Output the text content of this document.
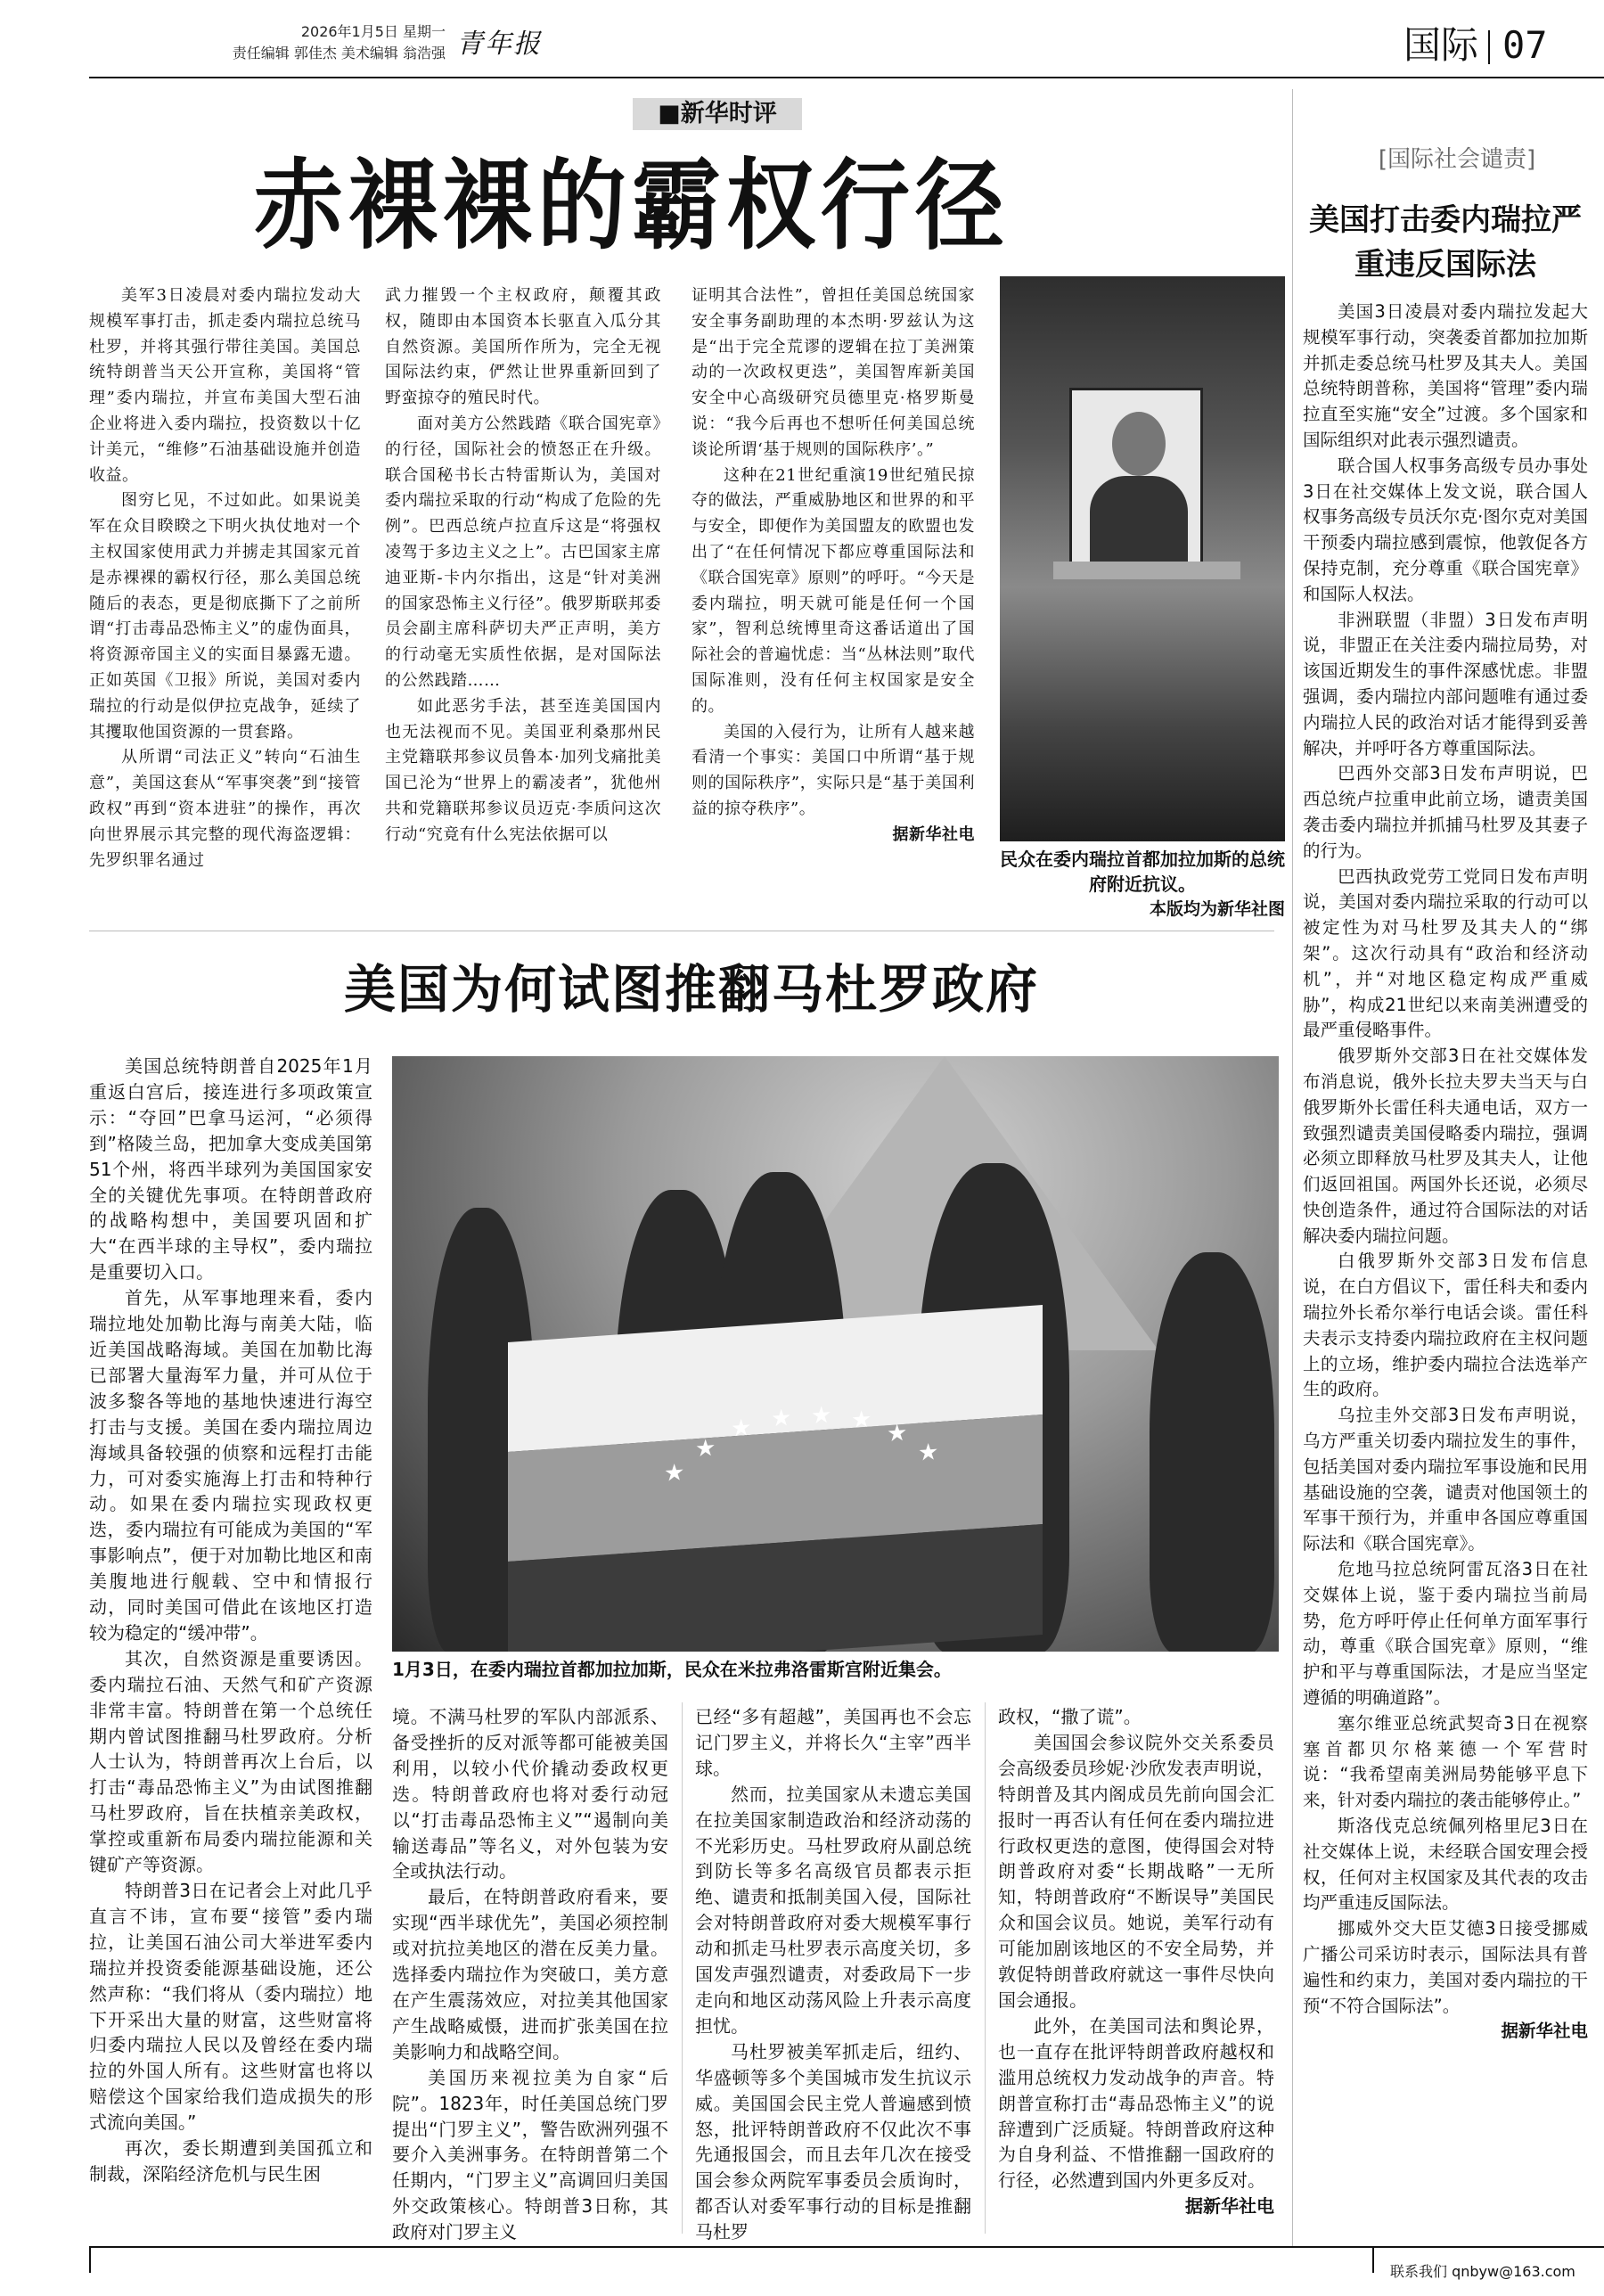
2026年1月5日 星期一
责任编辑 郭佳杰 美术编辑 翁浩强 青年报	国际 07
■新华时评
赤裸裸的霸权行径

美军3日凌晨对委内瑞拉发动大规模军事打击，抓走委内瑞拉总统马杜罗，并将其强行带往美国。美国总统特朗普当天公开宣称，美国将“管理”委内瑞拉，并宣布美国大型石油企业将进入委内瑞拉，投资数以十亿计美元，“维修”石油基础设施并创造收益。

图穷匕见，不过如此。如果说美军在众目睽睽之下明火执仗地对一个主权国家使用武力并掳走其国家元首是赤裸裸的霸权行径，那么美国总统随后的表态，更是彻底撕下了之前所谓“打击毒品恐怖主义”的虚伪面具，将资源帝国主义的实面目暴露无遗。正如英国《卫报》所说，美国对委内瑞拉的行动是似伊拉克战争，延续了其攫取他国资源的一贯套路。

从所谓“司法正义”转向“石油生意”，美国这套从“军事突袭”到“接管政权”再到“资本进驻”的操作，再次向世界展示其完整的现代海盗逻辑：先罗织罪名通过

武力摧毁一个主权政府，颠覆其政权，随即由本国资本长驱直入瓜分其自然资源。美国所作所为，完全无视国际法约束，俨然让世界重新回到了野蛮掠夺的殖民时代。

面对美方公然践踏《联合国宪章》的行径，国际社会的愤怒正在升级。联合国秘书长古特雷斯认为，美国对委内瑞拉采取的行动“构成了危险的先例”。巴西总统卢拉直斥这是“将强权凌驾于多边主义之上”。古巴国家主席迪亚斯-卡内尔指出，这是“针对美洲的国家恐怖主义行径”。俄罗斯联邦委员会副主席科萨切夫严正声明，美方的行动毫无实质性依据，是对国际法的公然践踏……

如此恶劣手法，甚至连美国国内也无法视而不见。美国亚利桑那州民主党籍联邦参议员鲁本·加列戈痛批美国已沦为“世界上的霸凌者”，犹他州共和党籍联邦参议员迈克·李质问这次行动“究竟有什么宪法依据可以

证明其合法性”，曾担任美国总统国家安全事务副助理的本杰明·罗兹认为这是“出于完全荒谬的逻辑在拉丁美洲策动的一次政权更迭”，美国智库新美国安全中心高级研究员德里克·格罗斯曼说：“我今后再也不想听任何美国总统谈论所谓‘基于规则的国际秩序’。”

这种在21世纪重演19世纪殖民掠夺的做法，严重威胁地区和世界的和平与安全，即便作为美国盟友的欧盟也发出了“在任何情况下都应尊重国际法和《联合国宪章》原则”的呼吁。“今天是委内瑞拉，明天就可能是任何一个国家”，智利总统博里奇这番话道出了国际社会的普遍忧虑：当“丛林法则”取代国际准则，没有任何主权国家是安全的。

美国的入侵行为，让所有人越来越看清一个事实：美国口中所谓“基于规则的国际秩序”，实际只是“基于美国利益的掠夺秩序”。

据新华社电

民众在委内瑞拉首都加拉加斯的总统府附近抗议。
本版均为新华社图
[国际社会谴责]
美国打击委内瑞拉严重违反国际法

美国3日凌晨对委内瑞拉发起大规模军事行动，突袭委首都加拉加斯并抓走委总统马杜罗及其夫人。美国总统特朗普称，美国将“管理”委内瑞拉直至实施“安全”过渡。多个国家和国际组织对此表示强烈谴责。

联合国人权事务高级专员办事处3日在社交媒体上发文说，联合国人权事务高级专员沃尔克·图尔克对美国干预委内瑞拉感到震惊，他敦促各方保持克制，充分尊重《联合国宪章》和国际人权法。

非洲联盟（非盟）3日发布声明说，非盟正在关注委内瑞拉局势，对该国近期发生的事件深感忧虑。非盟强调，委内瑞拉内部问题唯有通过委内瑞拉人民的政治对话才能得到妥善解决，并呼吁各方尊重国际法。

巴西外交部3日发布声明说，巴西总统卢拉重申此前立场，谴责美国袭击委内瑞拉并抓捕马杜罗及其妻子的行为。

巴西执政党劳工党同日发布声明说，美国对委内瑞拉采取的行动可以被定性为对马杜罗及其夫人的“绑架”。这次行动具有“政治和经济动机”，并“对地区稳定构成严重威胁”，构成21世纪以来南美洲遭受的最严重侵略事件。

俄罗斯外交部3日在社交媒体发布消息说，俄外长拉夫罗夫当天与白俄罗斯外长雷任科夫通电话，双方一致强烈谴责美国侵略委内瑞拉，强调必须立即释放马杜罗及其夫人，让他们返回祖国。两国外长还说，必须尽快创造条件，通过符合国际法的对话解决委内瑞拉问题。

白俄罗斯外交部3日发布信息说，在白方倡议下，雷任科夫和委内瑞拉外长希尔举行电话会谈。雷任科夫表示支持委内瑞拉政府在主权问题上的立场，维护委内瑞拉合法选举产生的政府。

乌拉圭外交部3日发布声明说，乌方严重关切委内瑞拉发生的事件，包括美国对委内瑞拉军事设施和民用基础设施的空袭，谴责对他国领土的军事干预行为，并重申各国应尊重国际法和《联合国宪章》。

危地马拉总统阿雷瓦洛3日在社交媒体上说，鉴于委内瑞拉当前局势，危方呼吁停止任何单方面军事行动，尊重《联合国宪章》原则，“维护和平与尊重国际法，才是应当坚定遵循的明确道路”。

塞尔维亚总统武契奇3日在视察塞首都贝尔格莱德一个军营时说：“我希望南美洲局势能够平息下来，针对委内瑞拉的袭击能够停止。”

斯洛伐克总统佩列格里尼3日在社交媒体上说，未经联合国安理会授权，任何对主权国家及其代表的攻击均严重违反国际法。

挪威外交大臣艾德3日接受挪威广播公司采访时表示，国际法具有普遍性和约束力，美国对委内瑞拉的干预“不符合国际法”。

据新华社电

美国为何试图推翻马杜罗政府

美国总统特朗普自2025年1月重返白宫后，接连进行多项政策宣示：“夺回”巴拿马运河，“必须得到”格陵兰岛，把加拿大变成美国第51个州，将西半球列为美国国家安全的关键优先事项。在特朗普政府的战略构想中，美国要巩固和扩大“在西半球的主导权”，委内瑞拉是重要切入口。

首先，从军事地理来看，委内瑞拉地处加勒比海与南美大陆，临近美国战略海域。美国在加勒比海已部署大量海军力量，并可从位于波多黎各等地的基地快速进行海空打击与支援。美国在委内瑞拉周边海域具备较强的侦察和远程打击能力，可对委实施海上打击和特种行动。如果在委内瑞拉实现政权更迭，委内瑞拉有可能成为美国的“军事影响点”，便于对加勒比地区和南美腹地进行舰载、空中和情报行动，同时美国可借此在该地区打造较为稳定的“缓冲带”。

其次，自然资源是重要诱因。委内瑞拉石油、天然气和矿产资源非常丰富。特朗普在第一个总统任期内曾试图推翻马杜罗政府。分析人士认为，特朗普再次上台后，以打击“毒品恐怖主义”为由试图推翻马杜罗政府，旨在扶植亲美政权，掌控或重新布局委内瑞拉能源和关键矿产等资源。

特朗普3日在记者会上对此几乎直言不讳，宣布要“接管”委内瑞拉，让美国石油公司大举进军委内瑞拉并投资委能源基础设施，还公然声称：“我们将从（委内瑞拉）地下开采出大量的财富，这些财富将归委内瑞拉人民以及曾经在委内瑞拉的外国人所有。这些财富也将以赔偿这个国家给我们造成损失的形式流向美国。”

再次，委长期遭到美国孤立和制裁，深陷经济危机与民生困

★
★ ★ ★ ★ ★
★
★
1月3日，在委内瑞拉首都加拉加斯，民众在米拉弗洛雷斯宫附近集会。

境。不满马杜罗的军队内部派系、备受挫折的反对派等都可能被美国利用，以较小代价撬动委政权更迭。特朗普政府也将对委行动冠以“打击毒品恐怖主义”“遏制向美输送毒品”等名义，对外包装为安全或执法行动。

最后，在特朗普政府看来，要实现“西半球优先”，美国必须控制或对抗拉美地区的潜在反美力量。选择委内瑞拉作为突破口，美方意在产生震荡效应，对拉美其他国家产生战略威慑，进而扩张美国在拉美影响力和战略空间。

美国历来视拉美为自家“后院”。1823年，时任美国总统门罗提出“门罗主义”，警告欧洲列强不要介入美洲事务。在特朗普第二个任期内，“门罗主义”高调回归美国外交政策核心。特朗普3日称，其政府对门罗主义

已经“多有超越”，美国再也不会忘记门罗主义，并将长久“主宰”西半球。

然而，拉美国家从未遗忘美国在拉美国家制造政治和经济动荡的不光彩历史。马杜罗政府从副总统到防长等多名高级官员都表示拒绝、谴责和抵制美国入侵，国际社会对特朗普政府对委大规模军事行动和抓走马杜罗表示高度关切，多国发声强烈谴责，对委政局下一步走向和地区动荡风险上升表示高度担忧。

马杜罗被美军抓走后，纽约、华盛顿等多个美国城市发生抗议示威。美国国会民主党人普遍感到愤怒，批评特朗普政府不仅此次不事先通报国会，而且去年几次在接受国会参众两院军事委员会质询时，都否认对委军事行动的目标是推翻马杜罗

政权，“撒了谎”。

美国国会参议院外交关系委员会高级委员珍妮·沙欣发表声明说，特朗普及其内阁成员先前向国会汇报时一再否认有任何在委内瑞拉进行政权更迭的意图，使得国会对特朗普政府对委“长期战略”一无所知，特朗普政府“不断误导”美国民众和国会议员。她说，美军行动有可能加剧该地区的不安全局势，并敦促特朗普政府就这一事件尽快向国会通报。

此外，在美国司法和舆论界，也一直存在批评特朗普政府越权和滥用总统权力发动战争的声音。特朗普宣称打击“毒品恐怖主义”的说辞遭到广泛质疑。特朗普政府这种为自身利益、不惜推翻一国政府的行径，必然遭到国内外更多反对。

据新华社电

联系我们 qnbyw@163.com
